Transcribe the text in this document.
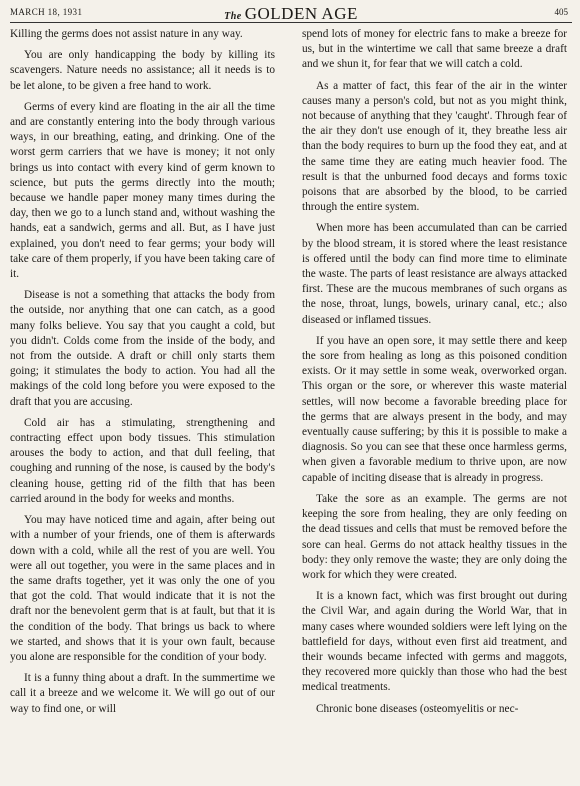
MARCH 18, 1931	The GOLDEN AGE	405

Killing the germs does not assist nature in any way.

You are only handicapping the body by killing its scavengers. Nature needs no assistance; all it needs is to be let alone, to be given a free hand to work.

Germs of every kind are floating in the air all the time and are constantly entering into the body through various ways, in our breathing, eating, and drinking. One of the worst germ carriers that we have is money; it not only brings us into contact with every kind of germ known to science, but puts the germs directly into the mouth; because we handle paper money many times during the day, then we go to a lunch stand and, without washing the hands, eat a sandwich, germs and all. But, as I have just explained, you don't need to fear germs; your body will take care of them properly, if you have been taking care of it.

Disease is not a something that attacks the body from the outside, nor anything that one can catch, as a good many folks believe. You say that you caught a cold, but you didn't. Colds come from the inside of the body, and not from the outside. A draft or chill only starts them going; it stimulates the body to action. You had all the makings of the cold long before you were exposed to the draft that you are accusing.

Cold air has a stimulating, strengthening and contracting effect upon body tissues. This stimulation arouses the body to action, and that dull feeling, that coughing and running of the nose, is caused by the body's cleaning house, getting rid of the filth that has been carried around in the body for weeks and months.

You may have noticed time and again, after being out with a number of your friends, one of them is afterwards down with a cold, while all the rest of you are well. You were all out together, you were in the same places and in the same drafts together, yet it was only the one of you that got the cold. That would indicate that it is not the draft nor the benevolent germ that is at fault, but that it is the condition of the body. That brings us back to where we started, and shows that it is your own fault, because you alone are responsible for the condition of your body.

It is a funny thing about a draft. In the summertime we call it a breeze and we welcome it. We will go out of our way to find one, or will

spend lots of money for electric fans to make a breeze for us, but in the wintertime we call that same breeze a draft and we shun it, for fear that we will catch a cold.

As a matter of fact, this fear of the air in the winter causes many a person's cold, but not as you might think, not because of anything that they 'caught'. Through fear of the air they don't use enough of it, they breathe less air than the body requires to burn up the food they eat, and at the same time they are eating much heavier food. The result is that the unburned food decays and forms toxic poisons that are absorbed by the blood, to be carried through the entire system.

When more has been accumulated than can be carried by the blood stream, it is stored where the least resistance is offered until the body can find more time to eliminate the waste. The parts of least resistance are always attacked first. These are the mucous membranes of such organs as the nose, throat, lungs, bowels, urinary canal, etc.; also diseased or inflamed tissues.

If you have an open sore, it may settle there and keep the sore from healing as long as this poisoned condition exists. Or it may settle in some weak, overworked organ. This organ or the sore, or wherever this waste material settles, will now become a favorable breeding place for the germs that are always present in the body, and may eventually cause suffering; by this it is possible to make a diagnosis. So you can see that these once harmless germs, when given a favorable medium to thrive upon, are now capable of inciting disease that is already in progress.

Take the sore as an example. The germs are not keeping the sore from healing, they are only feeding on the dead tissues and cells that must be removed before the sore can heal. Germs do not attack healthy tissues in the body: they only remove the waste; they are only doing the work for which they were created.

It is a known fact, which was first brought out during the Civil War, and again during the World War, that in many cases where wounded soldiers were left lying on the battlefield for days, without even first aid treatment, and their wounds became infected with germs and maggots, they recovered more quickly than those who had the best medical treatments.

Chronic bone diseases (osteomyelitis or nec-
